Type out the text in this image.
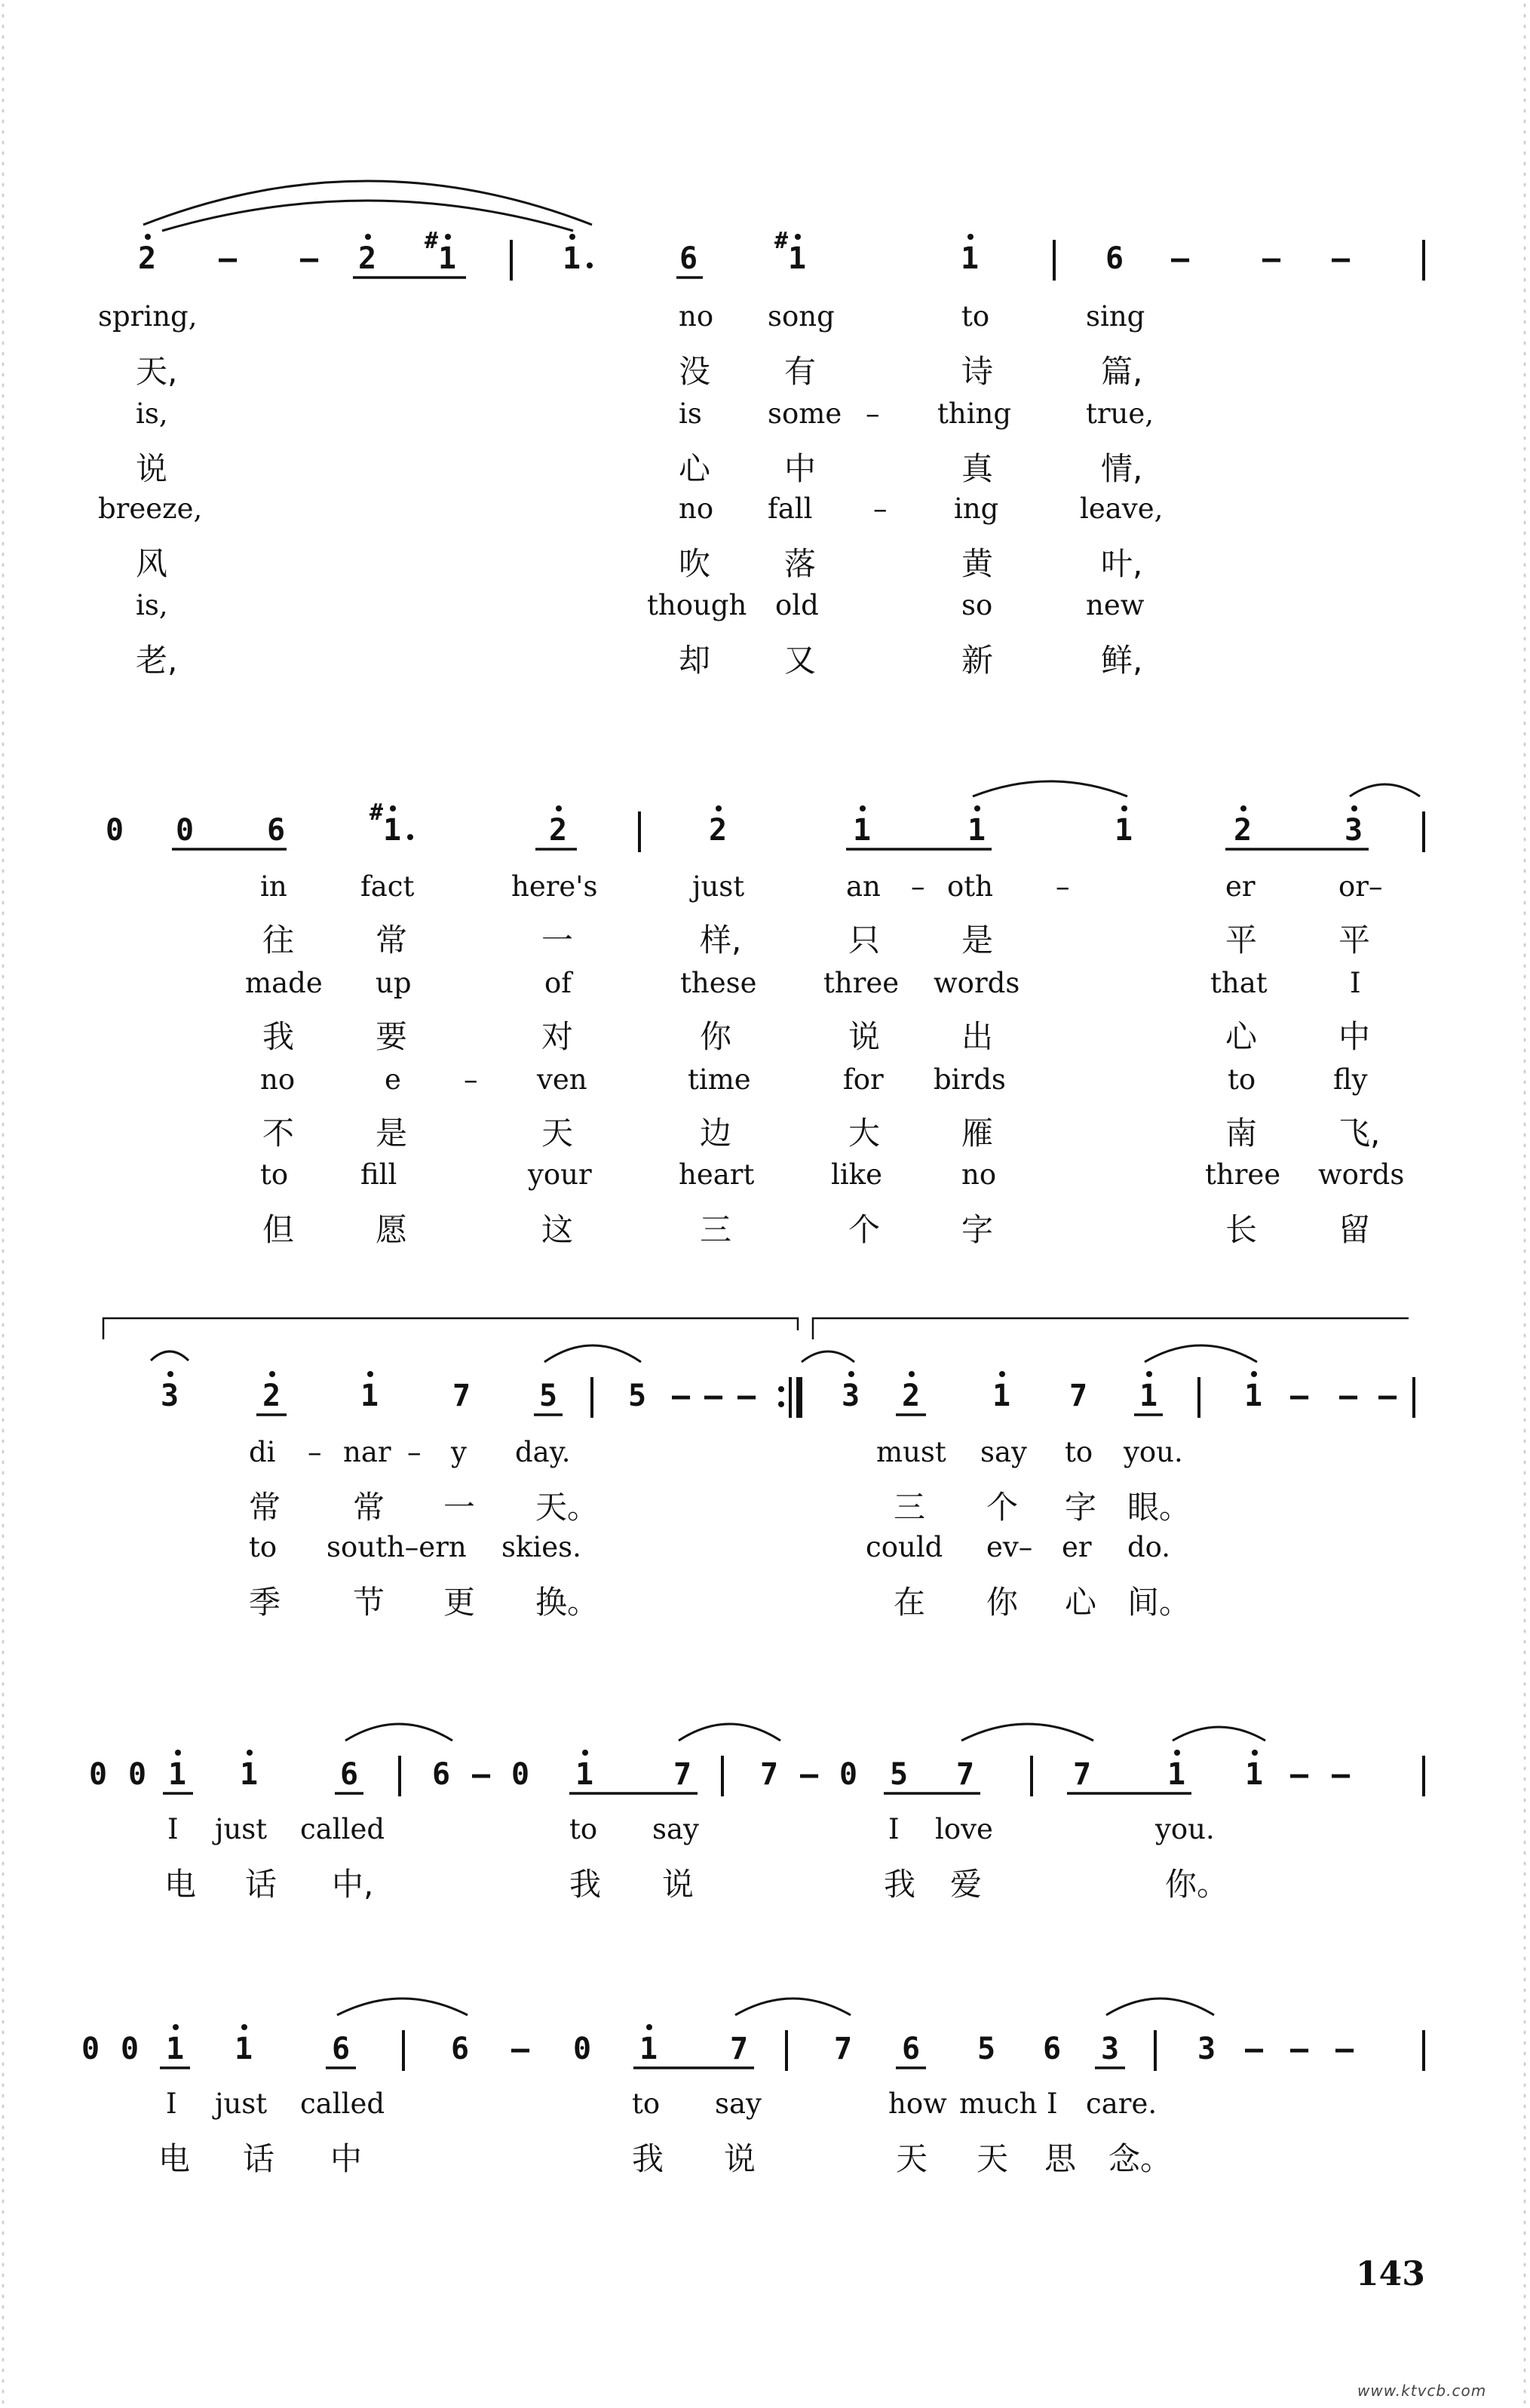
2 – – 2 1
#
1	6	1
#
1	6 – – –
spring,	no song	to	sing
天,	没 有	诗	篇,
is,	is some – thing	true,
说	心 中	真	情,
breeze,	no fall – ing	leave,
风	吹 落	黄	叶,
is,	though old	so	new
老,	却 又	新	鲜,
0 0 6	1
#
2	2	1	1	1	2	3
in	fact	here's	just	an – oth –	er	or–
往	常	一	样,	只	是	平	平
made up	of	these three words	that	I
我	要	对	你	说	出	心	中
no	e – ven	time	for birds	to	fly
不	是	天	边	大	雁	南	飞,
to	fill	your	heart	like	no	three words
但	愿	这	三	个	字	长	留
3	2	1 7 5 5 – – –	3 2 1 7 1	1 – – –
di – nar – y day.	must say to you.
常 常 一 天。	三 个 字 眼。
to south–ern skies.	could ev– er do.
季 节 更 换。	在 你 心 间。
0 0 1 1	6 6 – 0 1	7 7 – 0 5 7	7	1 1 – –
I just called	to say	I love	you.
电 话 中,	我 说	我 爱	你。
0 0 1 1	6	6 – 0 1 7	7 6 5 6 3	3 – – –
I just called	to say	how much I care.
电 话 中	我 说	天 天 思 念。
143
www.ktvcb.com
